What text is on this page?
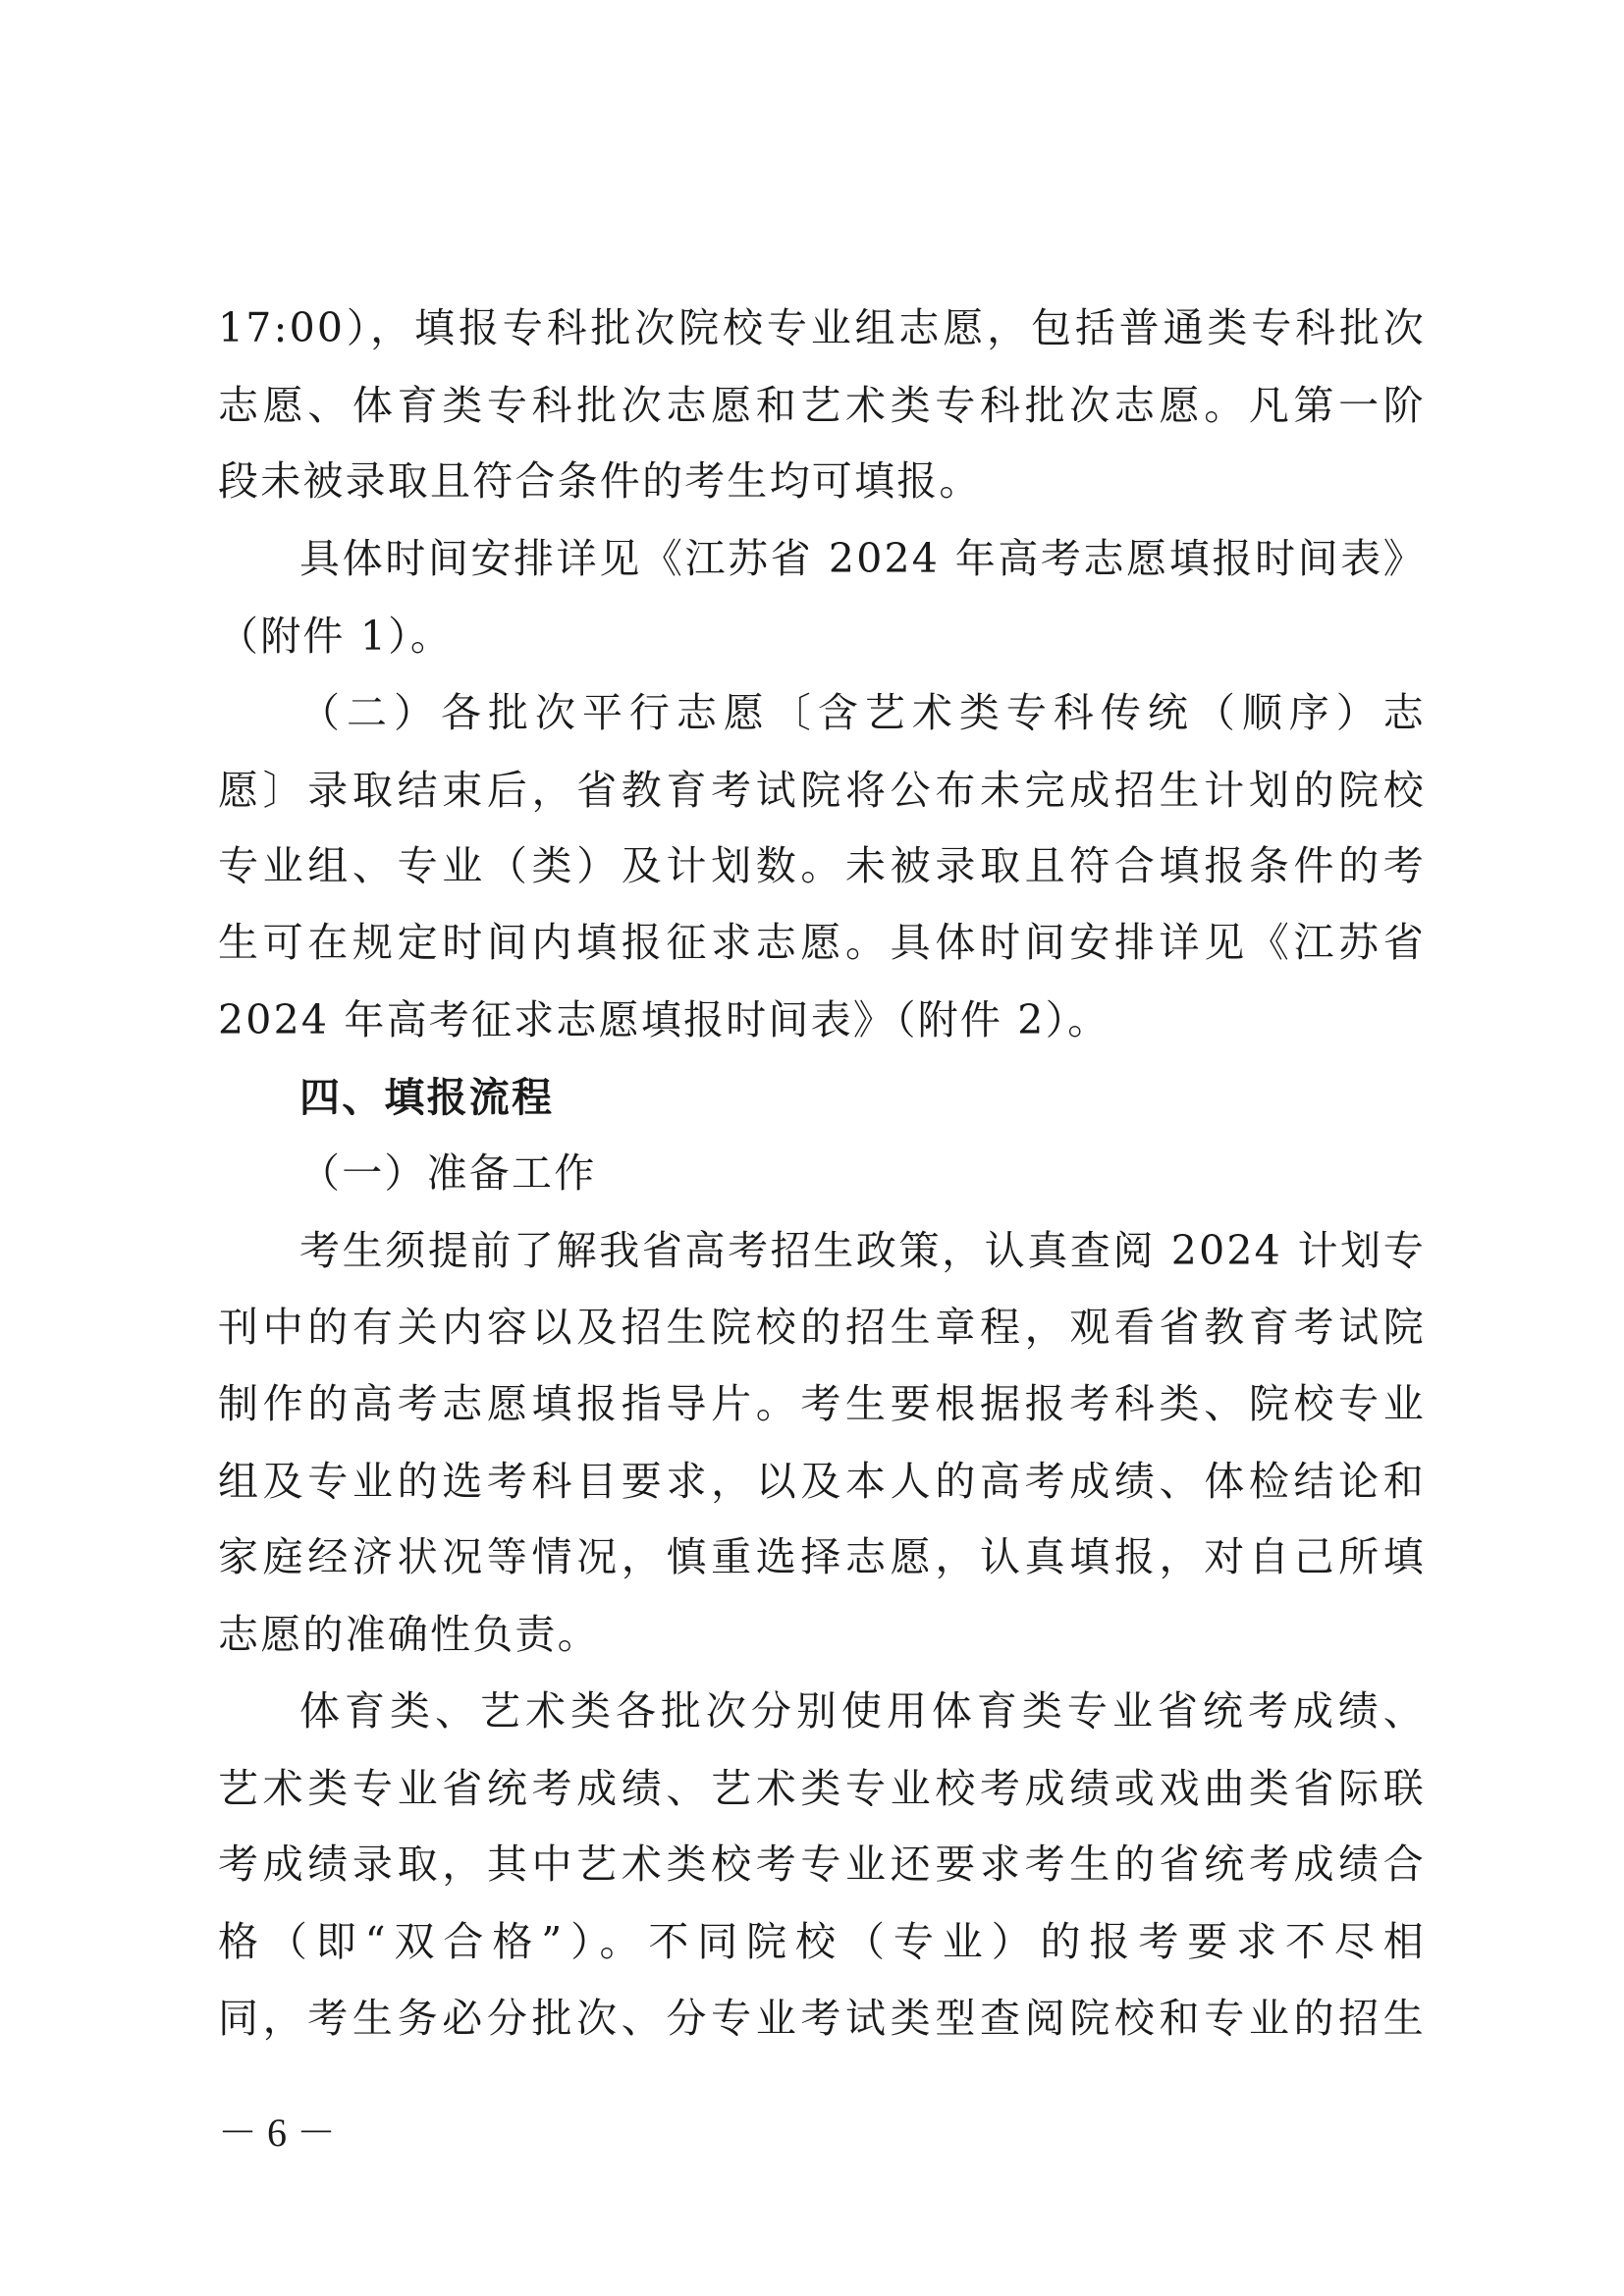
17:00），填报专科批次院校专业组志愿，包括普通类专科批次
志愿、体育类专科批次志愿和艺术类专科批次志愿。凡第一阶
段未被录取且符合条件的考生均可填报。
具体时间安排详见《江苏省 2024 年高考志愿填报时间表》
（附件 1）。
（二）各批次平行志愿〔含艺术类专科传统（顺序）志
愿〕录取结束后，省教育考试院将公布未完成招生计划的院校
专业组、专业（类）及计划数。未被录取且符合填报条件的考
生可在规定时间内填报征求志愿。具体时间安排详见《江苏省
2024 年高考征求志愿填报时间表》（附件 2）。
四、填报流程
（一）准备工作
考生须提前了解我省高考招生政策，认真查阅 2024 计划专
刊中的有关内容以及招生院校的招生章程，观看省教育考试院
制作的高考志愿填报指导片。考生要根据报考科类、院校专业
组及专业的选考科目要求，以及本人的高考成绩、体检结论和
家庭经济状况等情况，慎重选择志愿，认真填报，对自己所填
志愿的准确性负责。
体育类、艺术类各批次分别使用体育类专业省统考成绩、
艺术类专业省统考成绩、艺术类专业校考成绩或戏曲类省际联
考成绩录取，其中艺术类校考专业还要求考生的省统考成绩合
格（即“双合格”）。不同院校（专业）的报考要求不尽相
同，考生务必分批次、分专业考试类型查阅院校和专业的招生
－ 6 －
